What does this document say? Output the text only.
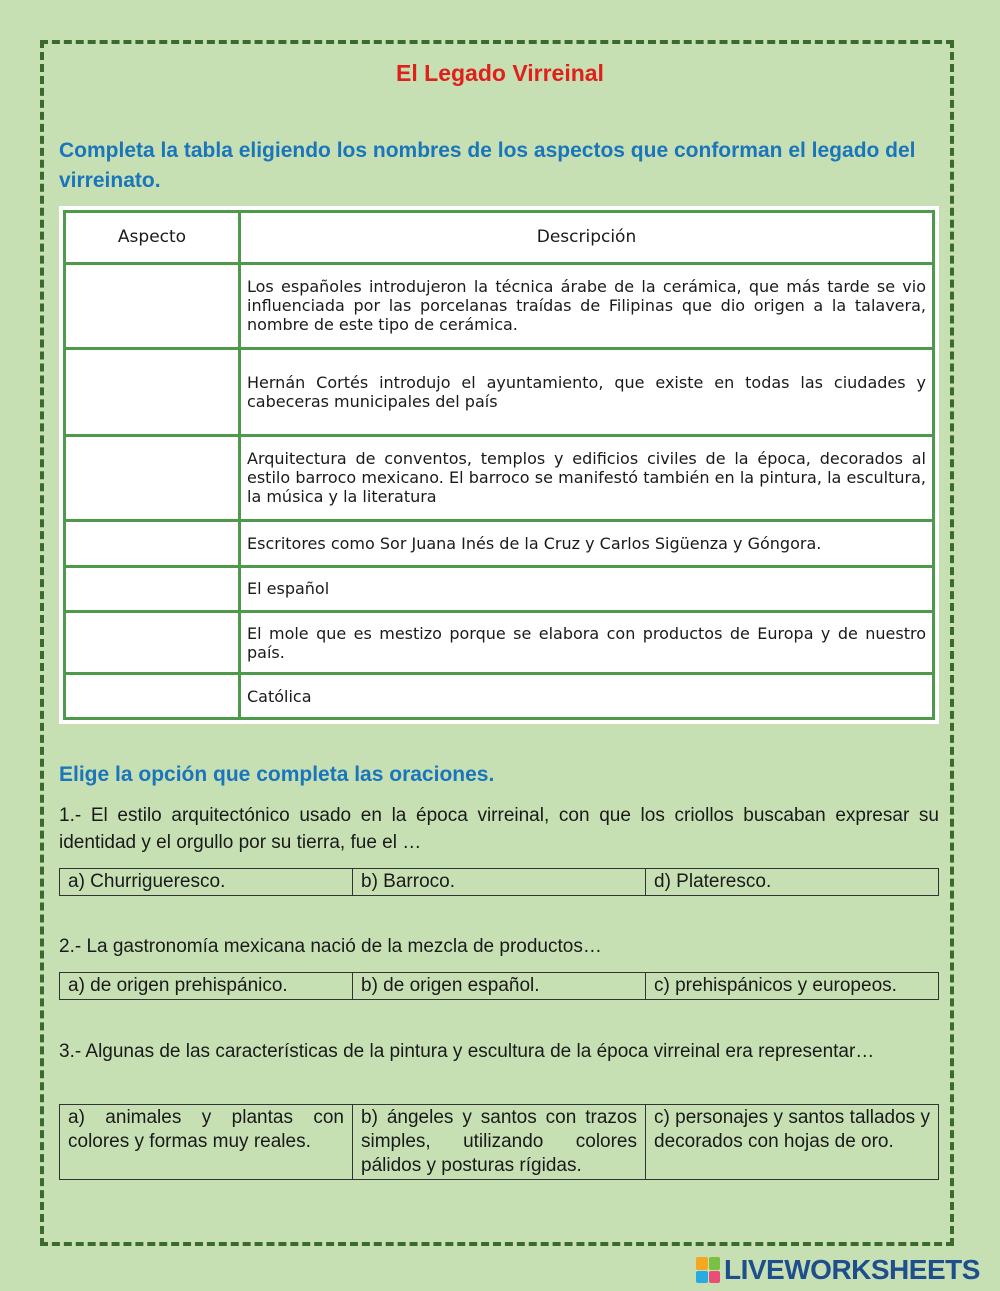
El Legado Virreinal
Completa la tabla eligiendo los nombres de los aspectos que conforman el legado del virreinato.
Aspecto	Descripción
	Los españoles introdujeron la técnica árabe de la cerámica, que más tarde se vio influenciada por las porcelanas traídas de Filipinas que dio origen a la talavera, nombre de este tipo de cerámica.
	Hernán Cortés introdujo el ayuntamiento, que existe en todas las ciudades y cabeceras municipales del país
	Arquitectura de conventos, templos y edificios civiles de la época, decorados al estilo barroco mexicano. El barroco se manifestó también en la pintura, la escultura, la música y la literatura
	Escritores como Sor Juana Inés de la Cruz y Carlos Sigüenza y Góngora.
	El español
	El mole que es mestizo porque se elabora con productos de Europa y de nuestro país.
	Católica
Elige la opción que completa las oraciones.
1.- El estilo arquitectónico usado en la época virreinal, con que los criollos buscaban expresar su identidad y el orgullo por su tierra, fue el …
a) Churrigueresco.	b) Barroco.	d) Plateresco.
2.- La gastronomía mexicana nació de la mezcla de productos…
a) de origen prehispánico.	b) de origen español.	c) prehispánicos y europeos.
3.- Algunas de las características de la pintura y escultura de la época virreinal era representar…
a) animales y plantas con colores y formas muy reales.	b) ángeles y santos con trazos simples, utilizando colores pálidos y posturas rígidas.	c) personajes y santos tallados y decorados con hojas de oro.
LIVEWORKSHEETS
